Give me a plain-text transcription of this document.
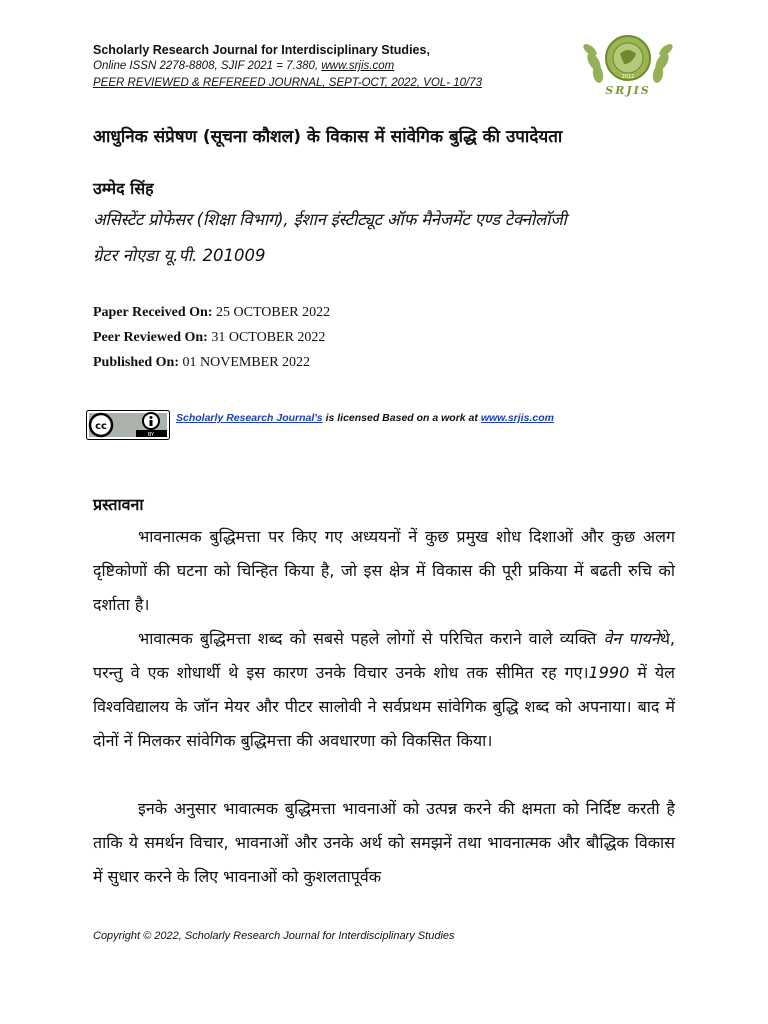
Scholarly Research Journal for Interdisciplinary Studies,
Online ISSN 2278-8808, SJIF 2021 = 7.380, www.srjis.com
PEER REVIEWED & REFEREED JOURNAL, SEPT-OCT, 2022, VOL- 10/73	2012
SRJIS
आधुनिक संप्रेषण (सूचना कौशल) के विकास में सांवेगिक बुद्धि की उपादेयता
उम्मेद सिंह
असिस्टेंट प्रोफेसर (शिक्षा विभाग), ईशान इंस्टीट्यूट ऑफ मैनेजमेंट एण्ड टेक्नोलॉजी
ग्रेटर नोएडा यू.पी. 201009
Paper Received On: 25 OCTOBER 2022
Peer Reviewed On: 31 OCTOBER 2022
Published On: 01 NOVEMBER 2022
cc
BY
Scholarly Research Journal's is licensed Based on a work at www.srjis.com
प्रस्तावना
भावनात्मक बुद्धिमत्ता पर किए गए अध्ययनों नें कुछ प्रमुख शोध दिशाओं और कुछ अलग दृष्टिकोणों की घटना को चिन्हित किया है, जो इस क्षेत्र में विकास की पूरी प्रकिया में बढती रुचि को दर्शाता है।
भावात्मक बुद्धिमत्ता शब्द को सबसे पहले लोगों से परिचित कराने वाले व्यक्ति वेन पायनेथे, परन्तु वे एक शोधार्थी थे इस कारण उनके विचार उनके शोध तक सीमित रह गए।1990 में येल विश्वविद्यालय के जॉन मेयर और पीटर सालोवी ने सर्वप्रथम सांवेगिक बुद्धि शब्द को अपनाया। बाद में दोनों नें मिलकर सांवेगिक बुद्धिमत्ता की अवधारणा को विकसित किया।
इनके अनुसार भावात्मक बुद्धिमत्ता भावनाओं को उत्पन्न करने की क्षमता को निर्दिष्ट करती है ताकि ये समर्थन विचार, भावनाओं और उनके अर्थ को समझनें तथा भावनात्मक और बौद्धिक विकास में सुधार करने के लिए भावनाओं को कुशलतापूर्वक
Copyright © 2022, Scholarly Research Journal for Interdisciplinary Studies
